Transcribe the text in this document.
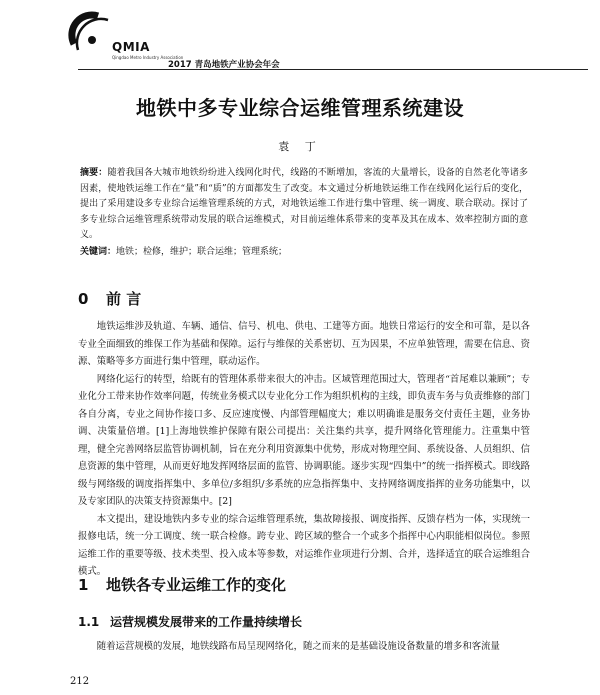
QMIA
Qingdao Metro Industry Association
2017 青岛地铁产业协会年会
地铁中多专业综合运维管理系统建设
袁 丁
摘要：随着我国各大城市地铁纷纷进入线网化时代，线路的不断增加，客流的大量增长，设备的自然老化等诸多因素，使地铁运维工作在“量”和“质”的方面都发生了改变。本文通过分析地铁运维工作在线网化运行后的变化，提出了采用建设多专业综合运维管理系统的方式，对地铁运维工作进行集中管理、统一调度、联合联动。探讨了多专业综合运维管理系统带动发展的联合运维模式，对目前运维体系带来的变革及其在成本、效率控制方面的意义。
关键词：地铁；检修，维护；联合运维；管理系统；
0 前 言

地铁运维涉及轨道、车辆、通信、信号、机电、供电、工建等方面。地铁日常运行的安全和可靠，是以各专业全面细致的维保工作为基础和保障。运行与维保的关系密切、互为因果，不应单独管理，需要在信息、资源、策略等多方面进行集中管理，联动运作。

网络化运行的转型，给既有的管理体系带来很大的冲击。区域管理范围过大，管理者“首尾难以兼顾”；专业化分工带来协作效率问题，传统业务模式以专业化分工作为组织机构的主线，即负责车务与负责维修的部门各自分离，专业之间协作接口多、反应速度慢、内部管理幅度大；难以明确谁是服务交付责任主题，业务协调、决策量倍增。[1]上海地铁维护保障有限公司提出：关注集约共享，提升网络化管理能力。注重集中管理，健全完善网络层监管协调机制，旨在充分利用资源集中优势，形成对物理空间、系统设备、人员组织、信息资源的集中管理，从而更好地发挥网络层面的监管、协调职能。逐步实现“四集中”的统一指挥模式。即线路级与网络级的调度指挥集中、多单位/多组织/多系统的应急指挥集中、支持网络调度指挥的业务功能集中，以及专家团队的决策支持资源集中。[2]

本文提出，建设地铁内多专业的综合运维管理系统，集故障接报、调度指挥、反馈存档为一体，实现统一报修电话，统一分工调度、统一联合检修。跨专业、跨区域的整合一个或多个指挥中心内职能相似岗位。参照运维工作的重要等级、技术类型、投入成本等参数，对运维作业项进行分割、合并，选择适宜的联合运维组合模式。

1 地铁各专业运维工作的变化
1.1 运营规模发展带来的工作量持续增长

随着运营规模的发展，地铁线路布局呈现网络化，随之而来的是基础设施设备数量的增多和客流量

212
